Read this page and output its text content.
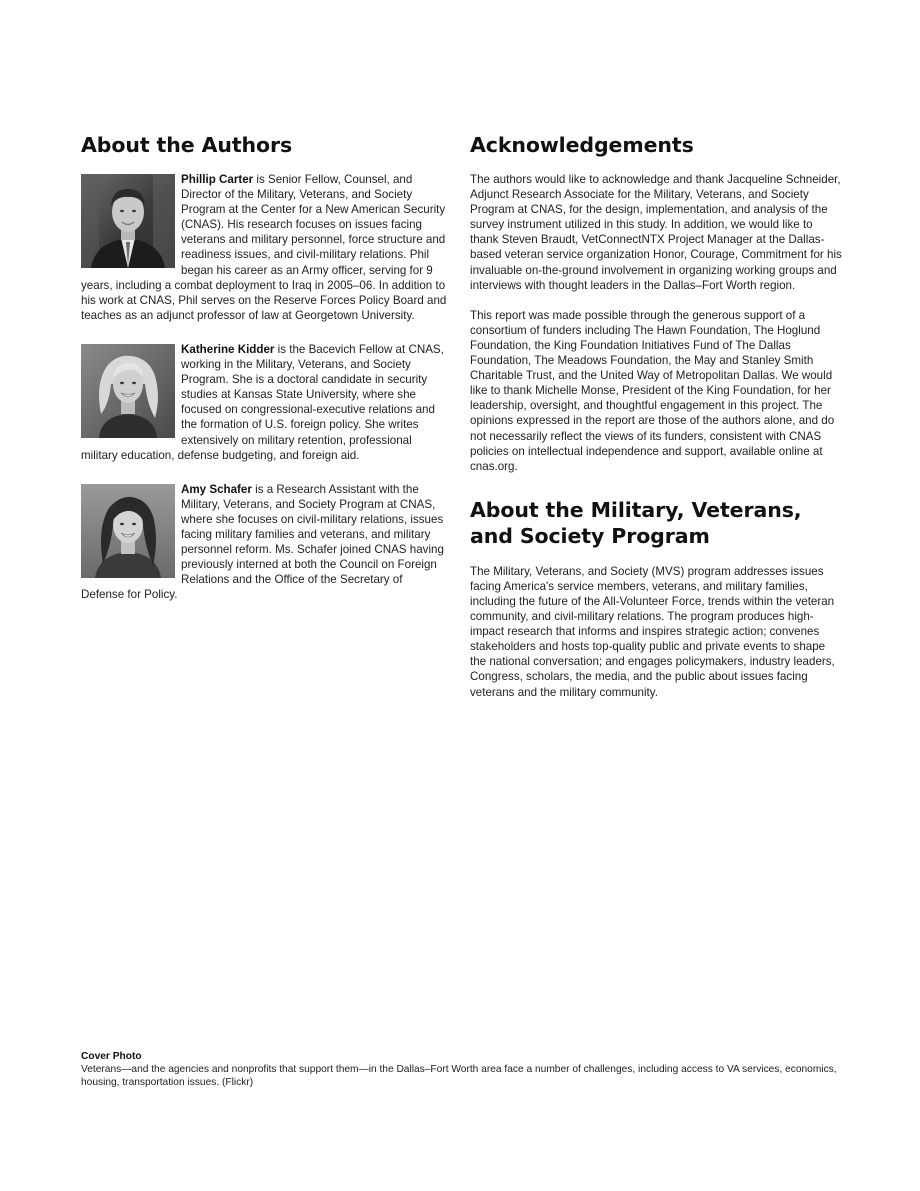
About the Authors

Phillip Carter is Senior Fellow, Counsel, and Director of the Military, Veterans, and Society Program at the Center for a New American Security (CNAS). His research focuses on issues facing veterans and military personnel, force structure and readiness issues, and civil-military relations. Phil began his career as an Army officer, serving for 9 years, including a combat deployment to Iraq in 2005–06. In addition to his work at CNAS, Phil serves on the Reserve Forces Policy Board and teaches as an adjunct professor of law at Georgetown University.

Katherine Kidder is the Bacevich Fellow at CNAS, working in the Military, Veterans, and Society Program. She is a doctoral candidate in security studies at Kansas State University, where she focused on congressional-executive relations and the formation of U.S. foreign policy. She writes extensively on military retention, professional military education, defense budgeting, and foreign aid.

Amy Schafer is a Research Assistant with the Military, Veterans, and Society Program at CNAS, where she focuses on civil-military relations, issues facing military families and veterans, and military personnel reform. Ms. Schafer joined CNAS having previously interned at both the Council on Foreign Relations and the Office of the Secretary of Defense for Policy.

Acknowledgements

The authors would like to acknowledge and thank Jacqueline Schneider, Adjunct Research Associate for the Military, Veterans, and Society Program at CNAS, for the design, implementation, and analysis of the survey instrument utilized in this study. In addition, we would like to thank Steven Braudt, VetConnectNTX Project Manager at the Dallas-based veteran service organization Honor, Courage, Commitment for his invaluable on-the-ground involvement in organizing working groups and interviews with thought leaders in the Dallas–Fort Worth region.

This report was made possible through the generous support of a consortium of funders including The Hawn Foundation, The Hoglund Foundation, the King Foundation Initiatives Fund of The Dallas Foundation, The Meadows Foundation, the May and Stanley Smith Charitable Trust, and the United Way of Metropolitan Dallas. We would like to thank Michelle Monse, President of the King Foundation, for her leadership, oversight, and thoughtful engagement in this project. The opinions expressed in the report are those of the authors alone, and do not necessarily reflect the views of its funders, consistent with CNAS policies on intellectual independence and support, available online at cnas.org.

About the Military, Veterans, and Society Program

The Military, Veterans, and Society (MVS) program addresses issues facing America's service members, veterans, and military families, including the future of the All-Volunteer Force, trends within the veteran community, and civil-military relations. The program produces high-impact research that informs and inspires strategic action; convenes stakeholders and hosts top-quality public and private events to shape the national conversation; and engages policymakers, industry leaders, Congress, scholars, the media, and the public about issues facing veterans and the military community.

Cover Photo
Veterans—and the agencies and nonprofits that support them—in the Dallas–Fort Worth area face a number of challenges, including access to VA services, economics, housing, transportation issues. (Flickr)
